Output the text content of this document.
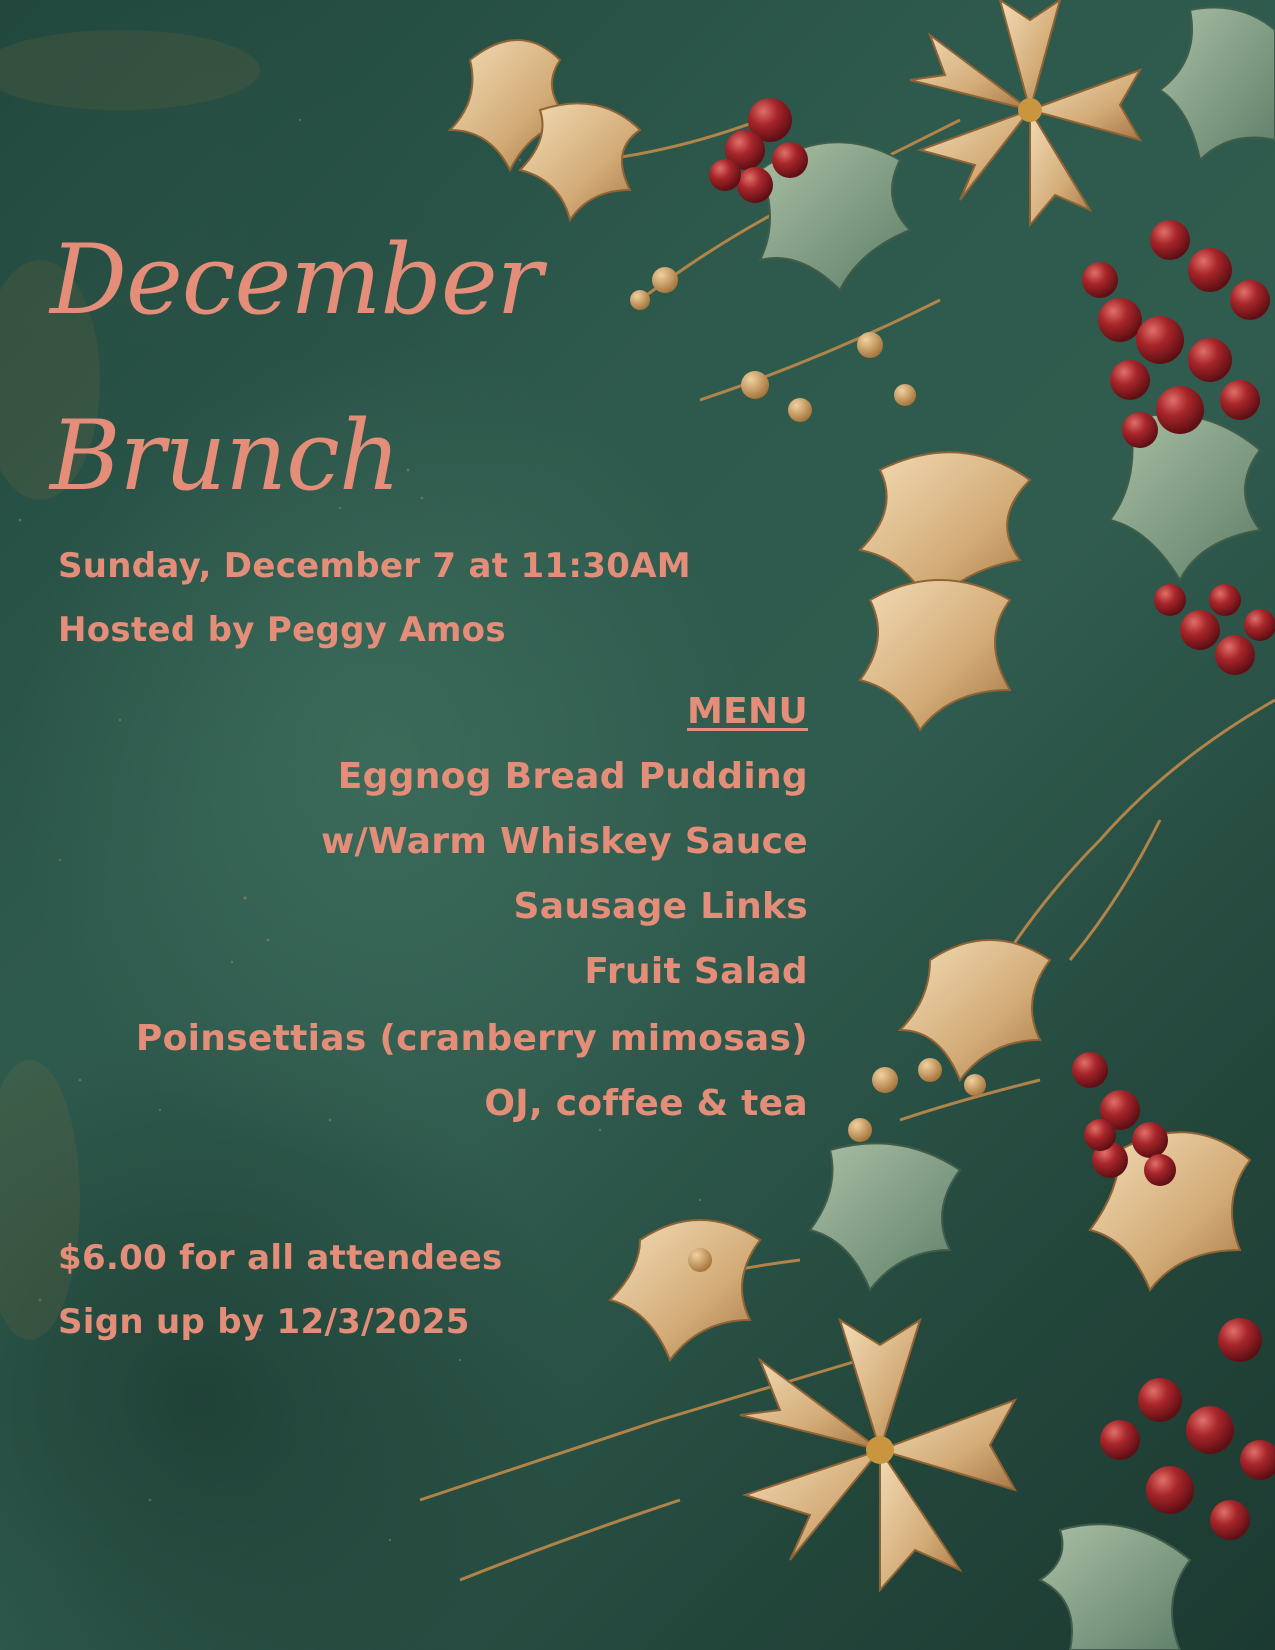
December
Brunch
Sunday, December 7 at 11:30AM
Hosted by Peggy Amos
MENU
Eggnog Bread Pudding
w/Warm Whiskey Sauce
Sausage Links
Fruit Salad
Poinsettias (cranberry mimosas)
OJ, coffee & tea
$6.00 for all attendees
Sign up by 12/3/2025
